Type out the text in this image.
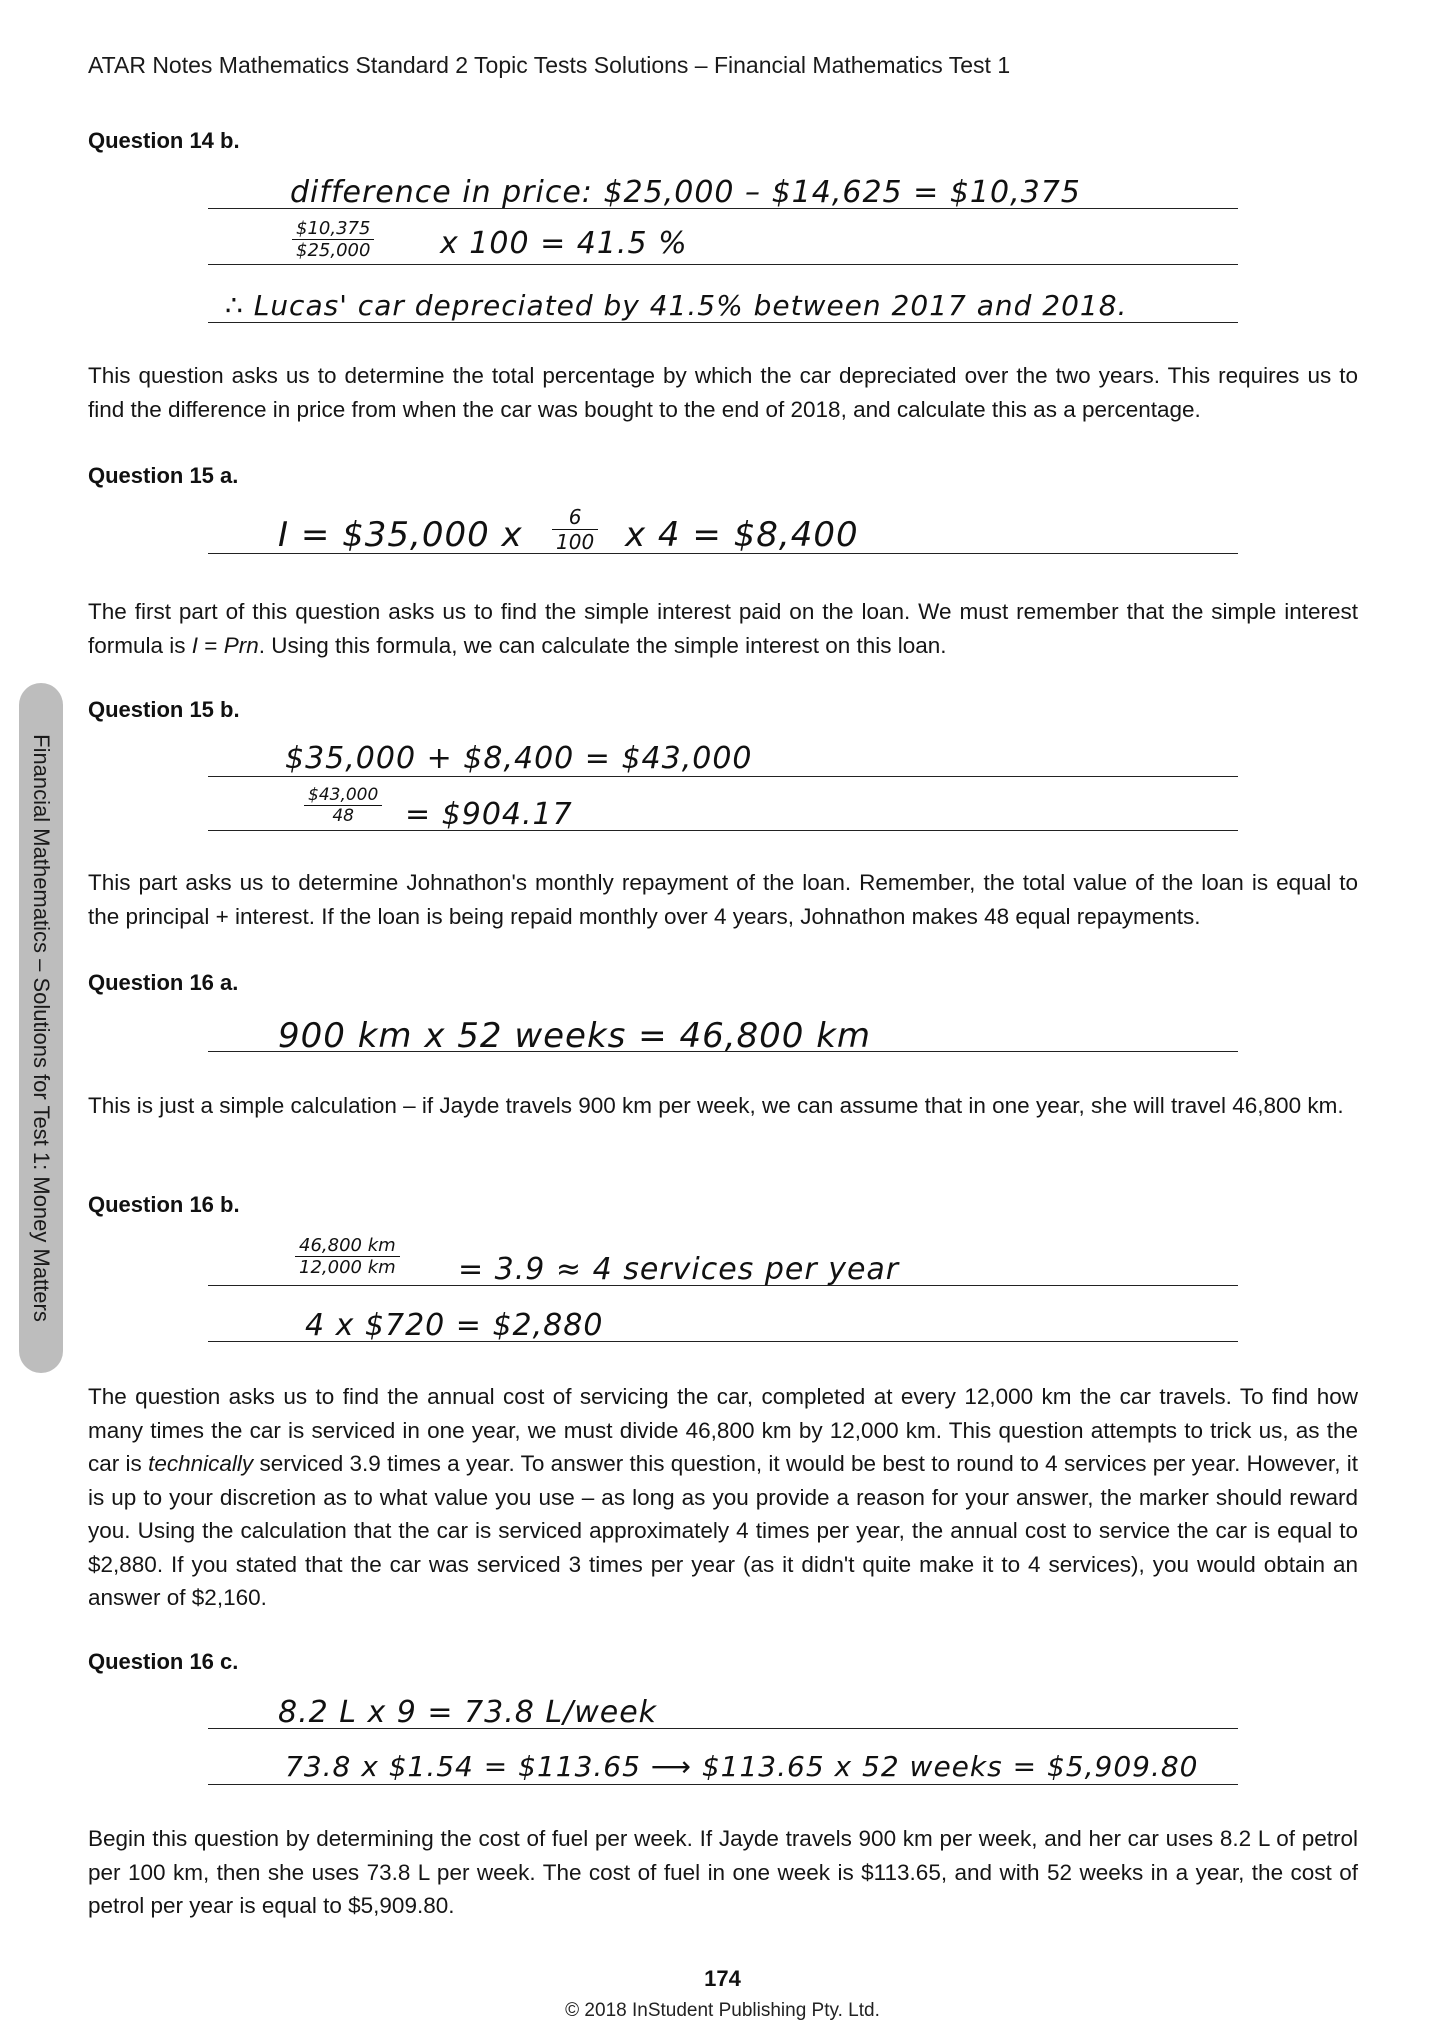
ATAR Notes Mathematics Standard 2 Topic Tests Solutions – Financial Mathematics Test 1
Financial Mathematics – Solutions for Test 1: Money Matters
Question 14 b.
difference in price: $25,000 – $14,625 = $10,375
$\frac{\$10,375}{\$25,000}$ x 100 = 41.5 %
∴ Lucas' car depreciated by 41.5% between 2017 and 2018.
This question asks us to determine the total percentage by which the car depreciated over the two years. This requires us to find the difference in price from when the car was bought to the end of 2018, and calculate this as a percentage.
Question 15 a.
I = $35,000 x $\frac{6}{100}$ x 4 = $8,400
The first part of this question asks us to find the simple interest paid on the loan. We must remember that the simple interest formula is I = Prn. Using this formula, we can calculate the simple interest on this loan.
Question 15 b.
$35,000 + $8,400 = $43,000
$\frac{\$43,000}{48}$ = $904.17
This part asks us to determine Johnathon's monthly repayment of the loan. Remember, the total value of the loan is equal to the principal + interest. If the loan is being repaid monthly over 4 years, Johnathon makes 48 equal repayments.
Question 16 a.
900 km x 52 weeks = 46,800 km
This is just a simple calculation – if Jayde travels 900 km per week, we can assume that in one year, she will travel 46,800 km.
Question 16 b.
$\frac{46,800 km}{12,000 km} = 3.9 \approx 4$ services per year
4 x $720 = $2,880
The question asks us to find the annual cost of servicing the car, completed at every 12,000 km the car travels. To find how many times the car is serviced in one year, we must divide 46,800 km by 12,000 km. This question attempts to trick us, as the car is technically serviced 3.9 times a year. To answer this question, it would be best to round to 4 services per year. However, it is up to your discretion as to what value you use – as long as you provide a reason for your answer, the marker should reward you. Using the calculation that the car is serviced approximately 4 times per year, the annual cost to service the car is equal to $2,880. If you stated that the car was serviced 3 times per year (as it didn't quite make it to 4 services), you would obtain an answer of $2,160.
Question 16 c.
8.2 L x 9 = 73.8 L/week
73.8 x $1.54 = $113.65 ⟶ $113.65 x 52 weeks = $5,909.80
Begin this question by determining the cost of fuel per week. If Jayde travels 900 km per week, and her car uses 8.2 L of petrol per 100 km, then she uses 73.8 L per week. The cost of fuel in one week is $113.65, and with 52 weeks in a year, the cost of petrol per year is equal to $5,909.80.
174
© 2018 InStudent Publishing Pty. Ltd.
